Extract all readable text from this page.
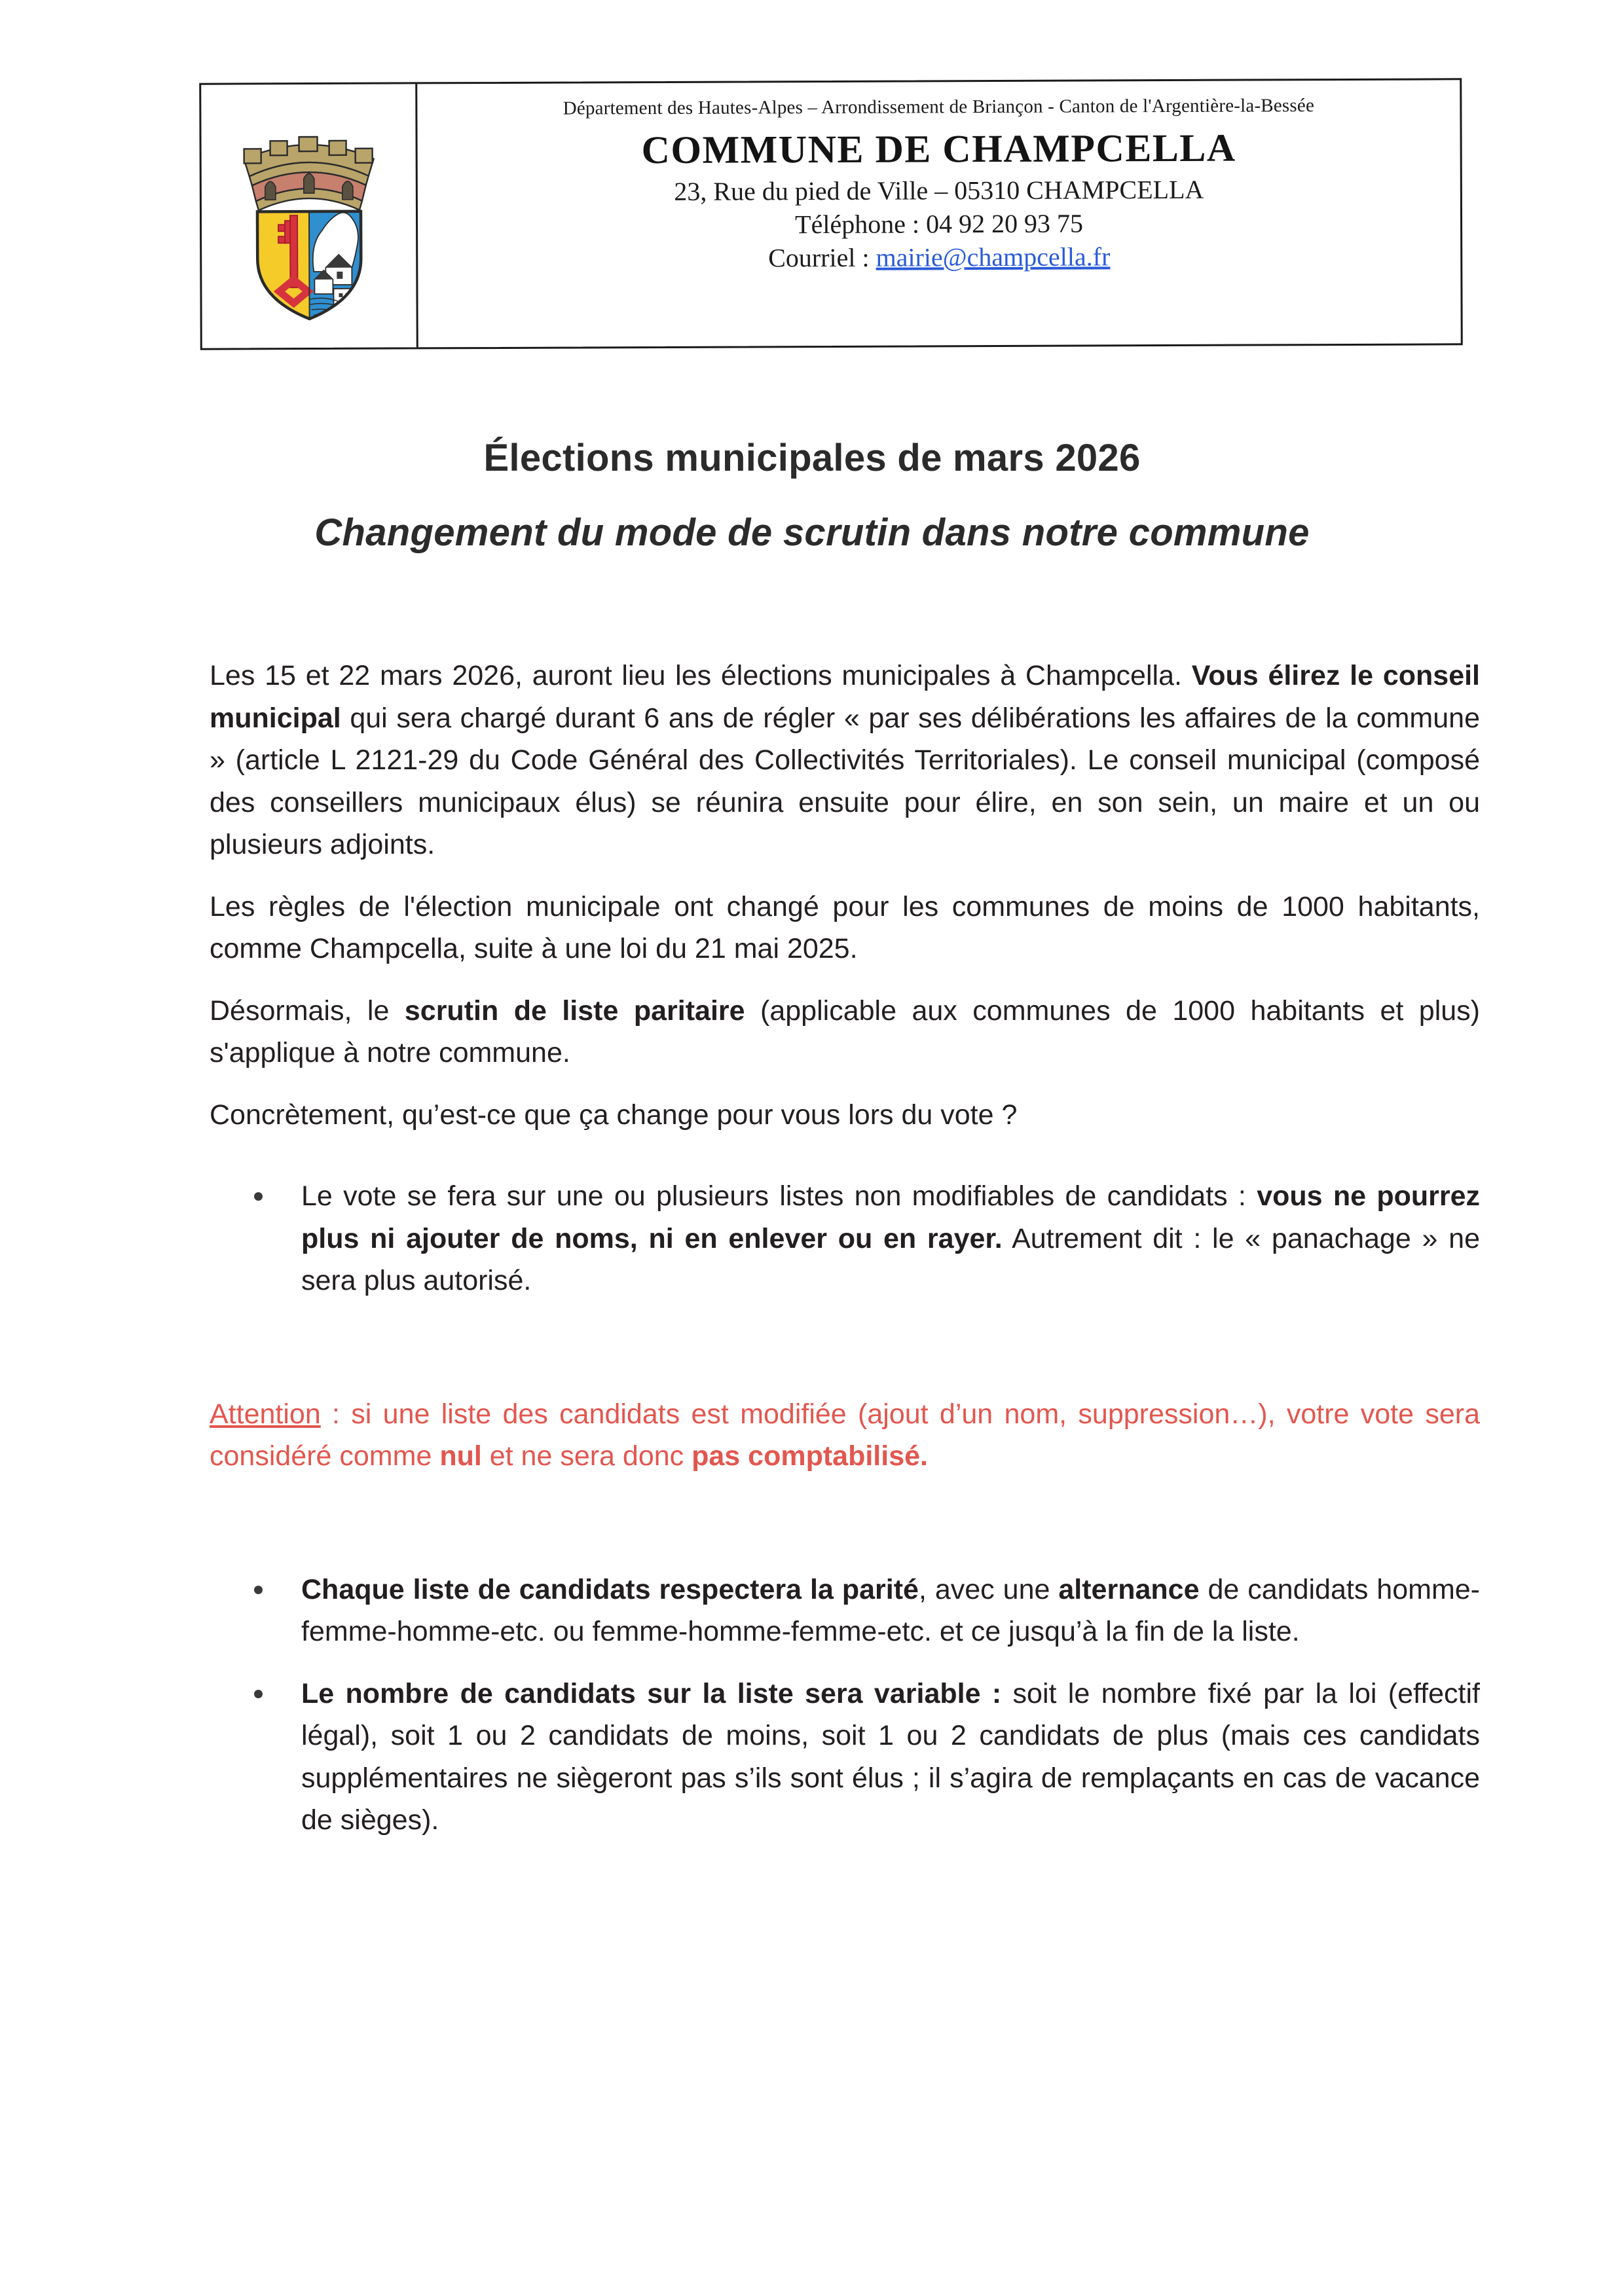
Département des Hautes-Alpes – Arrondissement de Briançon - Canton de l'Argentière-la-Bessée
COMMUNE DE CHAMPCELLA
23, Rue du pied de Ville – 05310 CHAMPCELLA
Téléphone : 04 92 20 93 75
Courriel : mairie@champcella.fr
Élections municipales de mars 2026
Changement du mode de scrutin dans notre commune

Les 15 et 22 mars 2026, auront lieu les élections municipales à Champcella. Vous élirez le conseil municipal qui sera chargé durant 6 ans de régler « par ses délibérations les affaires de la commune » (article L 2121-29 du Code Général des Collectivités Territoriales). Le conseil municipal (composé des conseillers municipaux élus) se réunira ensuite pour élire, en son sein, un maire et un ou plusieurs adjoints.

Les règles de l'élection municipale ont changé pour les communes de moins de 1000 habitants, comme Champcella, suite à une loi du 21 mai 2025.

Désormais, le scrutin de liste paritaire (applicable aux communes de 1000 habitants et plus) s'applique à notre commune.

Concrètement, qu’est-ce que ça change pour vous lors du vote ?

Le vote se fera sur une ou plusieurs listes non modifiables de candidats : vous ne pourrez plus ni ajouter de noms, ni en enlever ou en rayer. Autrement dit : le « panachage » ne sera plus autorisé.

Attention : si une liste des candidats est modifiée (ajout d’un nom, suppression…), votre vote sera considéré comme nul et ne sera donc pas comptabilisé.

Chaque liste de candidats respectera la parité, avec une alternance de candidats homme-femme-homme-etc. ou femme-homme-femme-etc. et ce jusqu’à la fin de la liste.
Le nombre de candidats sur la liste sera variable : soit le nombre fixé par la loi (effectif légal), soit 1 ou 2 candidats de moins, soit 1 ou 2 candidats de plus (mais ces candidats supplémentaires ne siègeront pas s’ils sont élus ; il s’agira de remplaçants en cas de vacance de sièges).
